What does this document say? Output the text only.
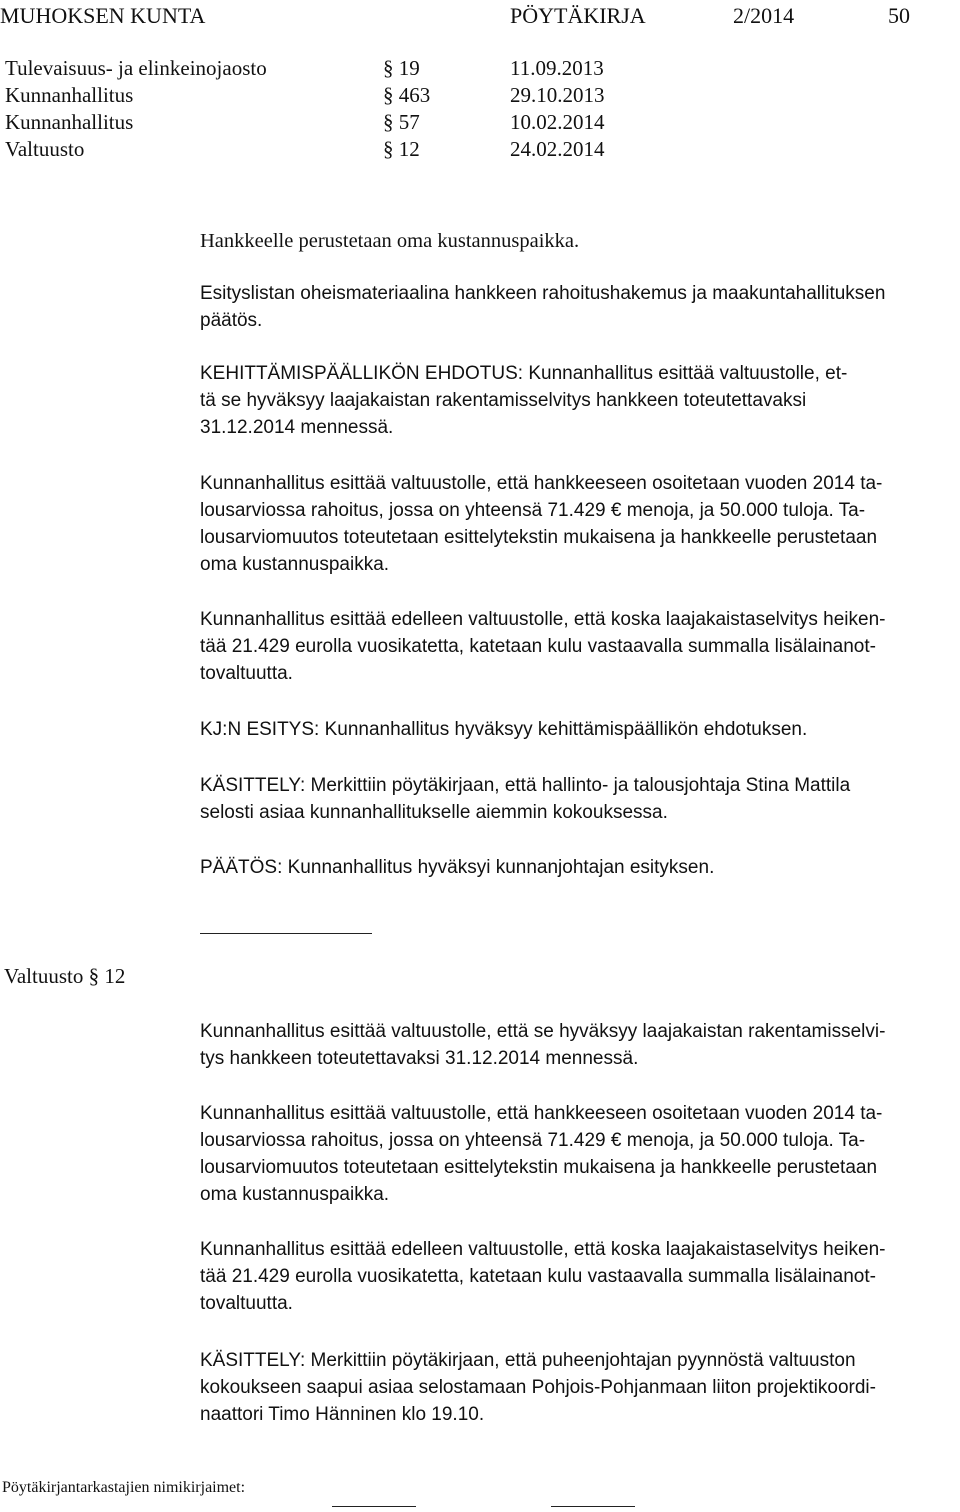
MUHOKSEN KUNTA	PÖYTÄKIRJA	2/2014	50
Tulevaisuus- ja elinkeinojaosto	§ 19	11.09.2013
Kunnanhallitus	§ 463	29.10.2013
Kunnanhallitus	§ 57	10.02.2014
Valtuusto	§ 12	24.02.2014
Hankkeelle perustetaan oma kustannuspaikka.
Esityslistan oheismateriaalina hankkeen rahoitushakemus ja maakuntahallituksen
päätös.
KEHITTÄMISPÄÄLLIKÖN EHDOTUS: Kunnanhallitus esittää valtuustolle, et-
tä se hyväksyy laajakaistan rakentamisselvitys hankkeen toteutettavaksi
31.12.2014 mennessä.
Kunnanhallitus esittää valtuustolle, että hankkeeseen osoitetaan vuoden 2014 ta-
lousarviossa rahoitus, jossa on yhteensä 71.429 € menoja, ja 50.000 tuloja. Ta-
lousarviomuutos toteutetaan esittelytekstin mukaisena ja hankkeelle perustetaan
oma kustannuspaikka.
Kunnanhallitus esittää edelleen valtuustolle, että koska laajakaistaselvitys heiken-
tää 21.429 eurolla vuosikatetta, katetaan kulu vastaavalla summalla lisälainanot-
tovaltuutta.
KJ:N ESITYS: Kunnanhallitus hyväksyy kehittämispäällikön ehdotuksen.
KÄSITTELY: Merkittiin pöytäkirjaan, että hallinto- ja talousjohtaja Stina Mattila
selosti asiaa kunnanhallitukselle aiemmin kokouksessa.
PÄÄTÖS: Kunnanhallitus hyväksyi kunnanjohtajan esityksen.
Valtuusto § 12
Kunnanhallitus esittää valtuustolle, että se hyväksyy laajakaistan rakentamisselvi-
tys hankkeen toteutettavaksi 31.12.2014 mennessä.
Kunnanhallitus esittää valtuustolle, että hankkeeseen osoitetaan vuoden 2014 ta-
lousarviossa rahoitus, jossa on yhteensä 71.429 € menoja, ja 50.000 tuloja. Ta-
lousarviomuutos toteutetaan esittelytekstin mukaisena ja hankkeelle perustetaan
oma kustannuspaikka.
Kunnanhallitus esittää edelleen valtuustolle, että koska laajakaistaselvitys heiken-
tää 21.429 eurolla vuosikatetta, katetaan kulu vastaavalla summalla lisälainanot-
tovaltuutta.
KÄSITTELY: Merkittiin pöytäkirjaan, että puheenjohtajan pyynnöstä valtuuston
kokoukseen saapui asiaa selostamaan Pohjois-Pohjanmaan liiton projektikoordi-
naattori Timo Hänninen klo 19.10.
Pöytäkirjantarkastajien nimikirjaimet:
